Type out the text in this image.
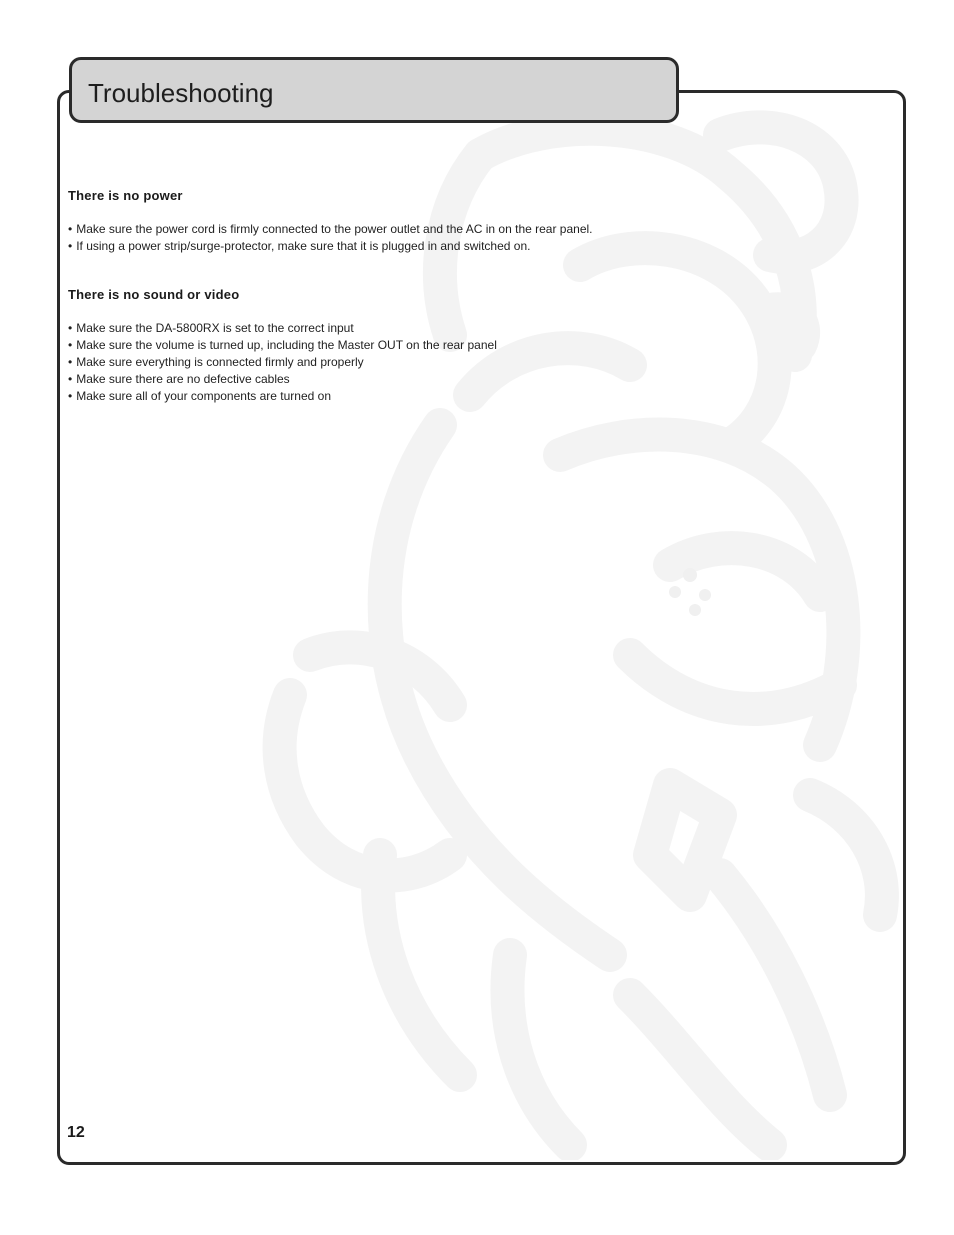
Troubleshooting
There is no power
• Make sure the power cord is firmly connected to the power outlet and the AC in on the rear panel.
• If using a power strip/surge-protector, make sure that it is plugged in and switched on.
There is no sound or video
• Make sure the DA-5800RX is set to the correct input
• Make sure the volume is turned up, including the Master OUT on the rear panel
• Make sure everything is connected firmly and properly
• Make sure there are no defective cables
• Make sure all of your components are turned on
12
